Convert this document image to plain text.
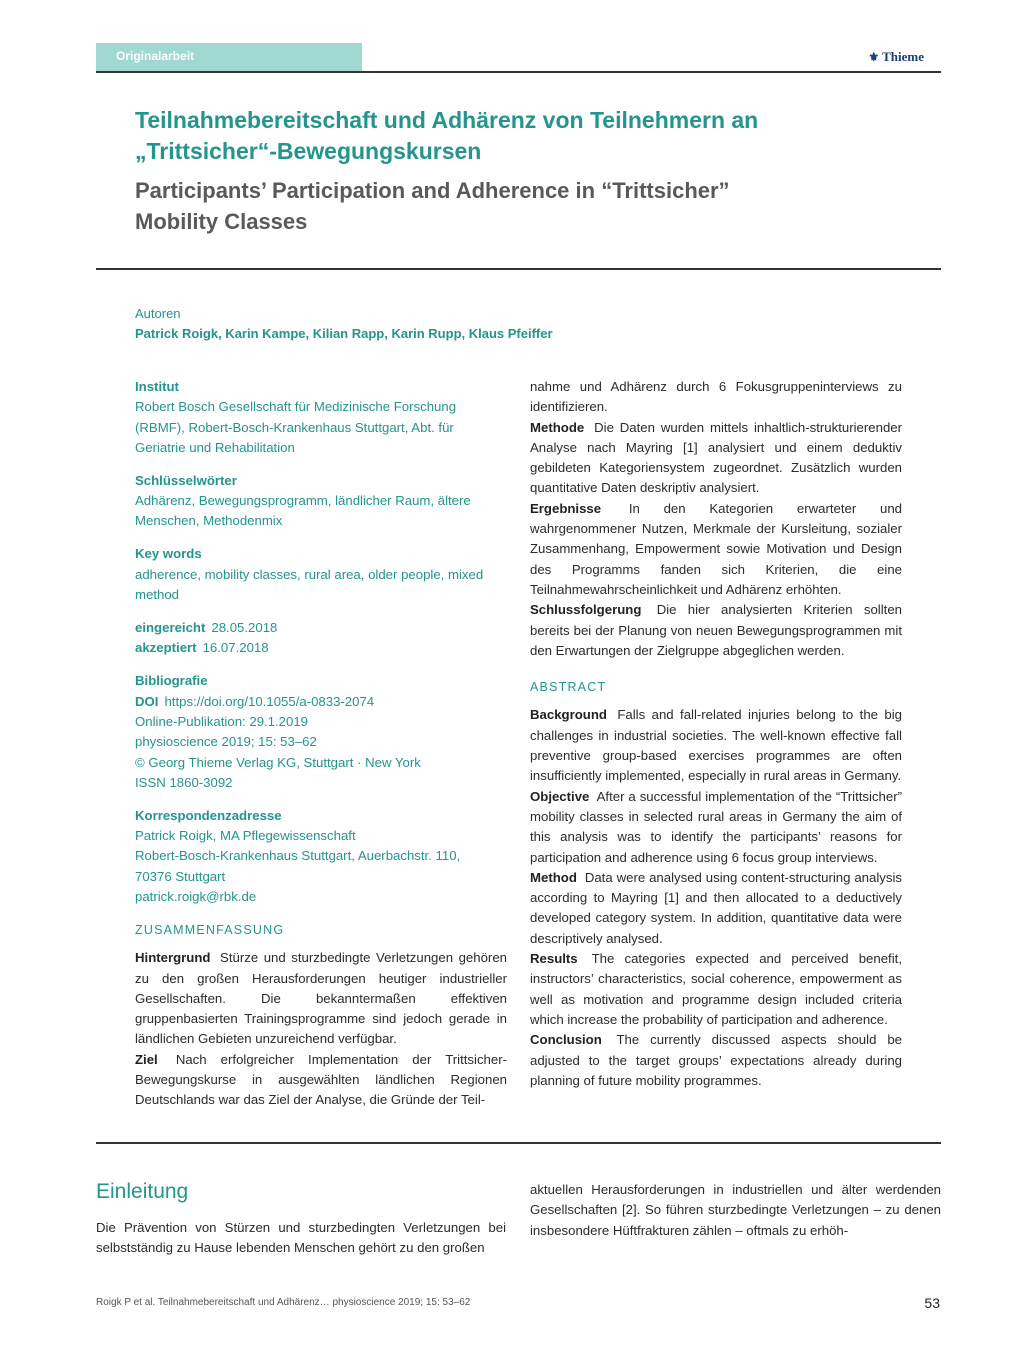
Originalarbeit	⚜ Thieme
Teilnahmebereitschaft und Adhärenz von Teilnehmern an
„Trittsicher“-Bewegungskursen
Participants’ Participation and Adherence in “Trittsicher”
Mobility Classes
Autoren
Patrick Roigk, Karin Kampe, Kilian Rapp, Karin Rupp, Klaus Pfeiffer
Institut
Robert Bosch Gesellschaft für Medizinische Forschung
(RBMF), Robert-Bosch-Krankenhaus Stuttgart, Abt. für
Geriatrie und Rehabilitation
Schlüsselwörter
Adhärenz, Bewegungsprogramm, ländlicher Raum, ältere
Menschen, Methodenmix
Key words
adherence, mobility classes, rural area, older people, mixed
method
eingereicht 28.05.2018
akzeptiert 16.07.2018
Bibliografie
DOI https://doi.org/10.1055/a-0833-2074
Online-Publikation: 29.1.2019
physioscience 2019; 15: 53–62
© Georg Thieme Verlag KG, Stuttgart · New York
ISSN 1860-3092
Korrespondenzadresse
Patrick Roigk, MA Pflegewissenschaft
Robert-Bosch-Krankenhaus Stuttgart, Auerbachstr. 110,
70376 Stuttgart
patrick.roigk@rbk.de
ZUSAMMENFASSUNG

Hintergrund Stürze und sturzbedingte Verletzungen gehören zu den großen Herausforderungen heutiger industrieller Gesellschaften. Die bekanntermaßen effektiven gruppenbasierten Trainingsprogramme sind jedoch gerade in ländlichen Gebieten unzureichend verfügbar.

Ziel Nach erfolgreicher Implementation der Trittsicher-Bewegungskurse in ausgewählten ländlichen Regionen Deutschlands war das Ziel der Analyse, die Gründe der Teil-

nahme und Adhärenz durch 6 Fokusgruppeninterviews zu identifizieren.

Methode Die Daten wurden mittels inhaltlich-strukturierender Analyse nach Mayring [1] analysiert und einem deduktiv gebildeten Kategoriensystem zugeordnet. Zusätzlich wurden quantitative Daten deskriptiv analysiert.

Ergebnisse In den Kategorien erwarteter und wahrgenommener Nutzen, Merkmale der Kursleitung, sozialer Zusammenhang, Empowerment sowie Motivation und Design des Programms fanden sich Kriterien, die eine Teilnahmewahrscheinlichkeit und Adhärenz erhöhten.

Schlussfolgerung Die hier analysierten Kriterien sollten bereits bei der Planung von neuen Bewegungsprogrammen mit den Erwartungen der Zielgruppe abgeglichen werden.

ABSTRACT

Background Falls and fall-related injuries belong to the big challenges in industrial societies. The well-known effective fall preventive group-based exercises programmes are often insufficiently implemented, especially in rural areas in Germany.

Objective After a successful implementation of the “Trittsicher” mobility classes in selected rural areas in Germany the aim of this analysis was to identify the participants’ reasons for participation and adherence using 6 focus group interviews.

Method Data were analysed using content-structuring analysis according to Mayring [1] and then allocated to a deductively developed category system. In addition, quantitative data were descriptively analysed.

Results The categories expected and perceived benefit, instructors’ characteristics, social coherence, empowerment as well as motivation and programme design included criteria which increase the probability of participation and adherence.

Conclusion The currently discussed aspects should be adjusted to the target groups’ expectations already during planning of future mobility programmes.

Einleitung
Die Prävention von Stürzen und sturzbedingten Verletzungen bei selbstständig zu Hause lebenden Menschen gehört zu den großen
aktuellen Herausforderungen in industriellen und älter werdenden Gesellschaften [2]. So führen sturzbedingte Verletzungen – zu denen insbesondere Hüftfrakturen zählen – oftmals zu erhöh-
Roigk P et al. Teilnahmebereitschaft und Adhärenz… physioscience 2019; 15: 53–62	53
